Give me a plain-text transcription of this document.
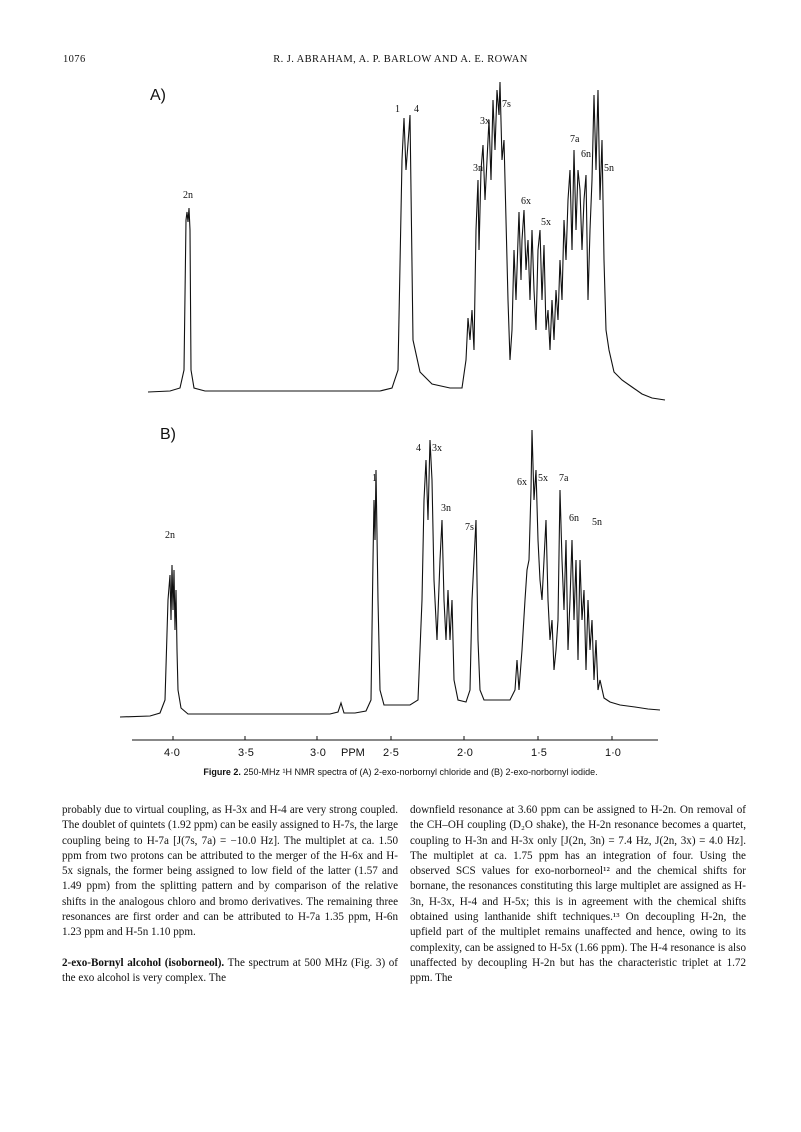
1076	R. J. ABRAHAM, A. P. BARLOW AND A. E. ROWAN
A)
2n
1 4
3x
7s
3n
6x
5x
7a
6n
5n
B)
2n
1
4 3x
3n
7s
6x 5x 7a
6n 5n
4·0	3·5	3·0 PPM 2·5	2·0	1·5	1·0
Figure 2. 250-MHz ¹H NMR spectra of (A) 2-exo-norbornyl chloride and (B) 2-exo-norbornyl iodide.

probably due to virtual coupling, as H-3x and H-4 are very strong coupled. The doublet of quintets (1.92 ppm) can be easily assigned to H-7s, the large coupling being to H-7a [J(7s, 7a) = −10.0 Hz]. The multiplet at ca. 1.50 ppm from two protons can be attributed to the merger of the H-6x and H-5x signals, the former being assigned to low field of the latter (1.57 and 1.49 ppm) from the splitting pattern and by comparison of the relative shifts in the analogous chloro and bromo derivatives. The remaining three resonances are first order and can be attributed to H-7a 1.35 ppm, H-6n 1.23 ppm and H-5n 1.10 ppm.

2-exo-Bornyl alcohol (isoborneol). The spectrum at 500 MHz (Fig. 3) of the exo alcohol is very complex. The

downfield resonance at 3.60 ppm can be assigned to H-2n. On removal of the CH–OH coupling (D₂O shake), the H-2n resonance becomes a quartet, coupling to H-3n and H-3x only [J(2n, 3n) = 7.4 Hz, J(2n, 3x) = 4.0 Hz]. The multiplet at ca. 1.75 ppm has an integration of four. Using the observed SCS values for exo-norborneol¹² and the chemical shifts for bornane, the resonances constituting this large multiplet are assigned as H-3n, H-3x, H-4 and H-5x; this is in agreement with the chemical shifts obtained using lanthanide shift techniques.¹³ On decoupling H-2n, the upfield part of the multiplet remains unaffected and hence, owing to its complexity, can be assigned to H-5x (1.66 ppm). The H-4 resonance is also unaffected by decoupling H-2n but has the characteristic triplet at 1.72 ppm. The
